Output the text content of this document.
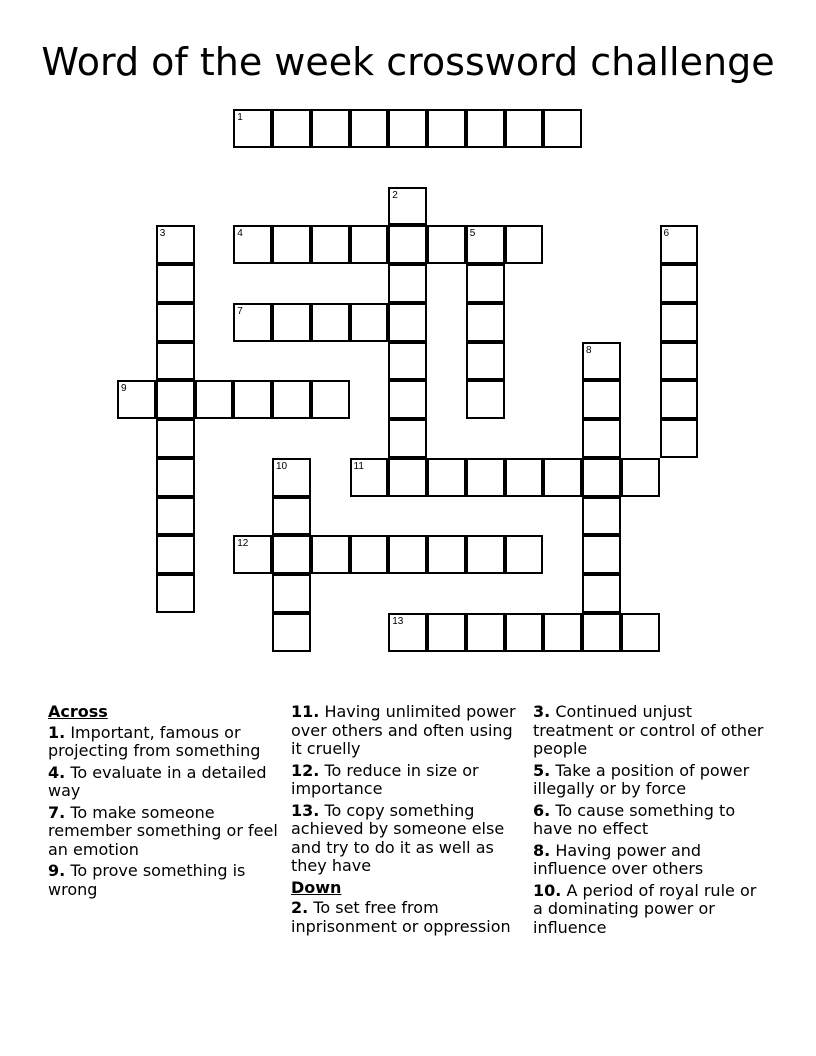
Word of the week crossword challenge
1
2
3	4	5	6
7
8
9
10	11
12
13
Across
1. Important, famous or projecting from something
4. To evaluate in a detailed way
7. To make someone remember something or feel an emotion
9. To prove something is wrong
11. Having unlimited power over others and often using it cruelly
12. To reduce in size or importance
13. To copy something achieved by someone else and try to do it as well as they have
Down
2. To set free from inprisonment or oppression
3. Continued unjust treatment or control of other people
5. Take a position of power illegally or by force
6. To cause something to have no effect
8. Having power and influence over others
10. A period of royal rule or a dominating power or influence
